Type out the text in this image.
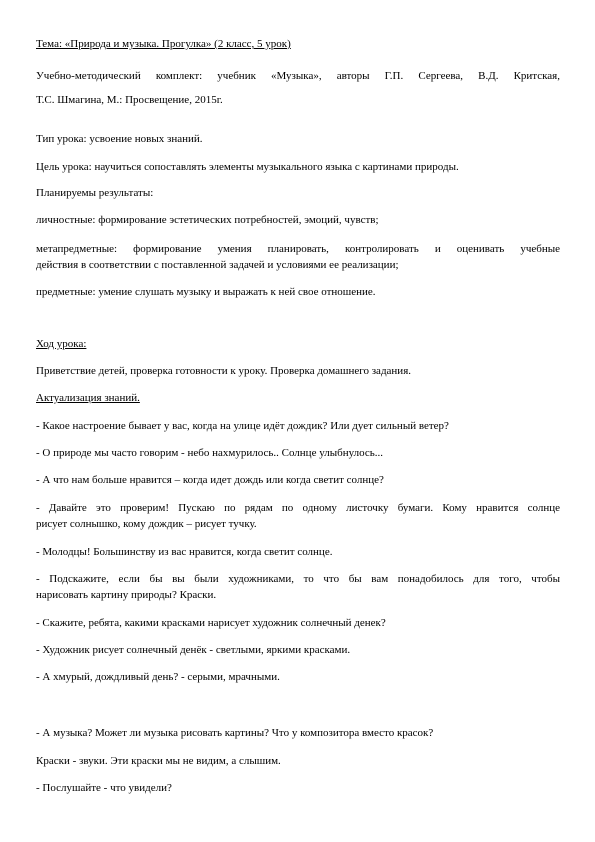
Тема: «Природа и музыка. Прогулка» (2 класс, 5 урок)
Учебно-методический комплект: учебник «Музыка», авторы Г.П. Сергеева, В.Д. Критская,
Т.С. Шмагина, М.: Просвещение, 2015г.
Тип урока: усвоение новых знаний.
Цель урока: научиться сопоставлять элементы музыкального языка с картинами природы.
Планируемы результаты:
личностные: формирование эстетических потребностей, эмоций, чувств;
метапредметные: формирование умения планировать, контролировать и оценивать учебные
действия в соответствии с поставленной задачей и условиями ее реализации;
предметные: умение слушать музыку и выражать к ней свое отношение.
Ход урока:
Приветствие детей, проверка готовности к уроку. Проверка домашнего задания.
Актуализация знаний.
- Какое настроение бывает у вас, когда на улице идёт дождик? Или дует сильный ветер?
- О природе мы часто говорим - небо нахмурилось.. Солнце улыбнулось...
- А что нам больше нравится – когда идет дождь или когда светит солнце?
- Давайте это проверим! Пускаю по рядам по одному листочку бумаги. Кому нравится солнце
рисует солнышко, кому дождик – рисует тучку.
- Молодцы! Большинству из вас нравится, когда светит солнце.
- Подскажите, если бы вы были художниками, то что бы вам понадобилось для того, чтобы
нарисовать картину природы? Краски.
- Скажите, ребята, какими красками нарисует художник солнечный денек?
- Художник рисует солнечный денёк - светлыми, яркими красками.
- А хмурый, дождливый день? - серыми, мрачными.
- А музыка? Может ли музыка рисовать картины? Что у композитора вместо красок?
Краски - звуки. Эти краски мы не видим, а слышим.
- Послушайте - что увидели?
